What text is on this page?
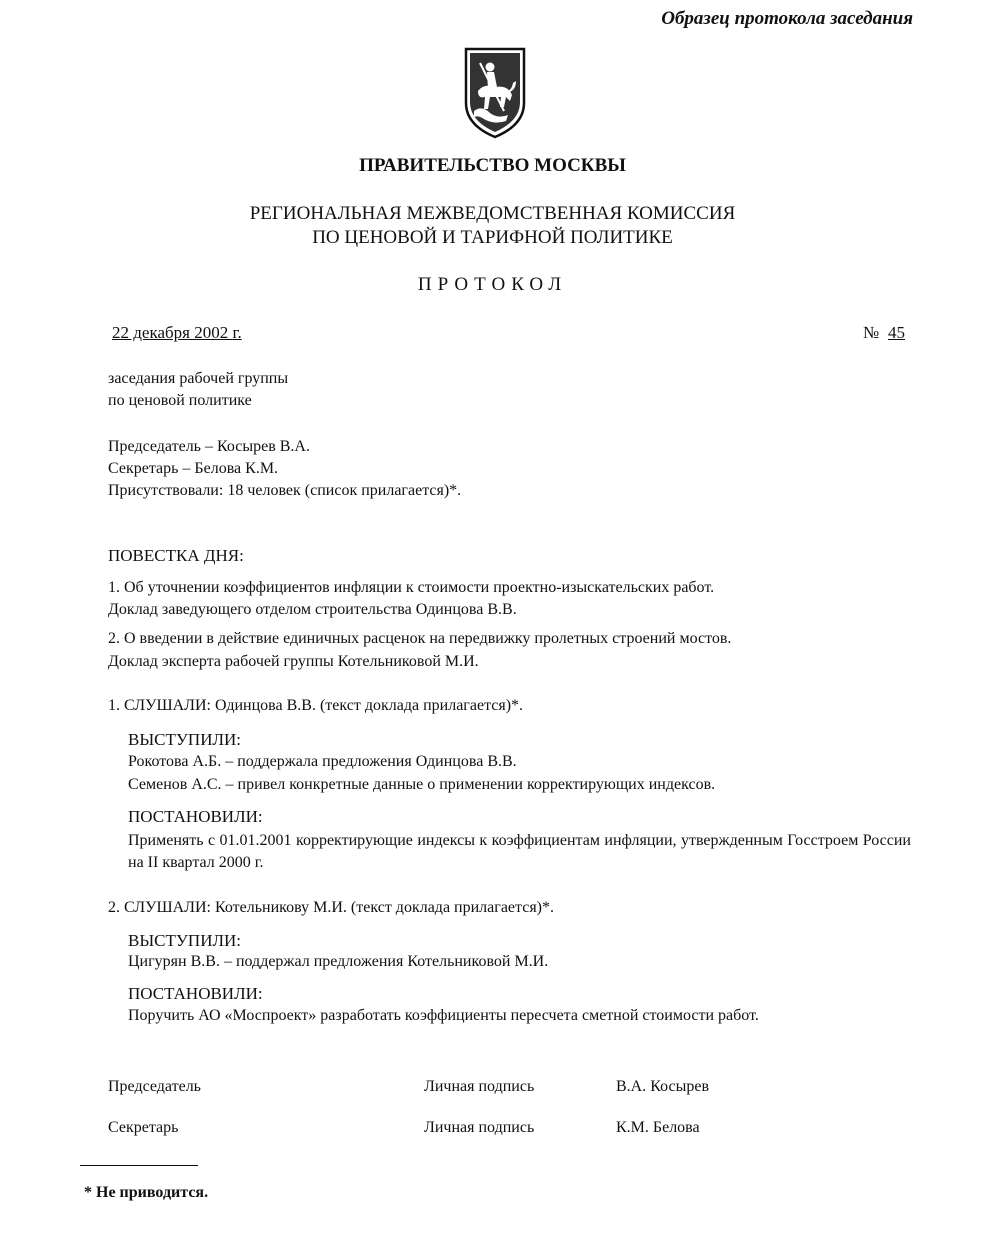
Образец протокола заседания
ПРАВИТЕЛЬСТВО МОСКВЫ
РЕГИОНАЛЬНАЯ МЕЖВЕДОМСТВЕННАЯ КОМИССИЯ
ПО ЦЕНОВОЙ И ТАРИФНОЙ ПОЛИТИКЕ
ПРОТОКОЛ
22 декабря 2002 г.	№ 45
заседания рабочей группы
по ценовой политике
Председатель – Косырев В.А.
Секретарь – Белова К.М.
Присутствовали: 18 человек (список прилагается)*.
ПОВЕСТКА ДНЯ:
1. Об уточнении коэффициентов инфляции к стоимости проектно-изыскательских работ.
Доклад заведующего отделом строительства Одинцова В.В.
2. О введении в действие единичных расценок на передвижку пролетных строений мостов.
Доклад эксперта рабочей группы Котельниковой М.И.
1. СЛУШАЛИ: Одинцова В.В. (текст доклада прилагается)*.
ВЫСТУПИЛИ:
Рокотова А.Б. – поддержала предложения Одинцова В.В.
Семенов А.С. – привел конкретные данные о применении корректирующих индексов.
ПОСТАНОВИЛИ:
Применять с 01.01.2001 корректирующие индексы к коэффициентам инфляции, утвержденным Госстроем России на II квартал 2000 г.
2. СЛУШАЛИ: Котельникову М.И. (текст доклада прилагается)*.
ВЫСТУПИЛИ:
Цигурян В.В. – поддержал предложения Котельниковой М.И.
ПОСТАНОВИЛИ:
Поручить АО «Моспроект» разработать коэффициенты пересчета сметной стоимости работ.
Председатель	Личная подпись	В.А. Косырев
Секретарь	Личная подпись	К.М. Белова
* Не приводится.
